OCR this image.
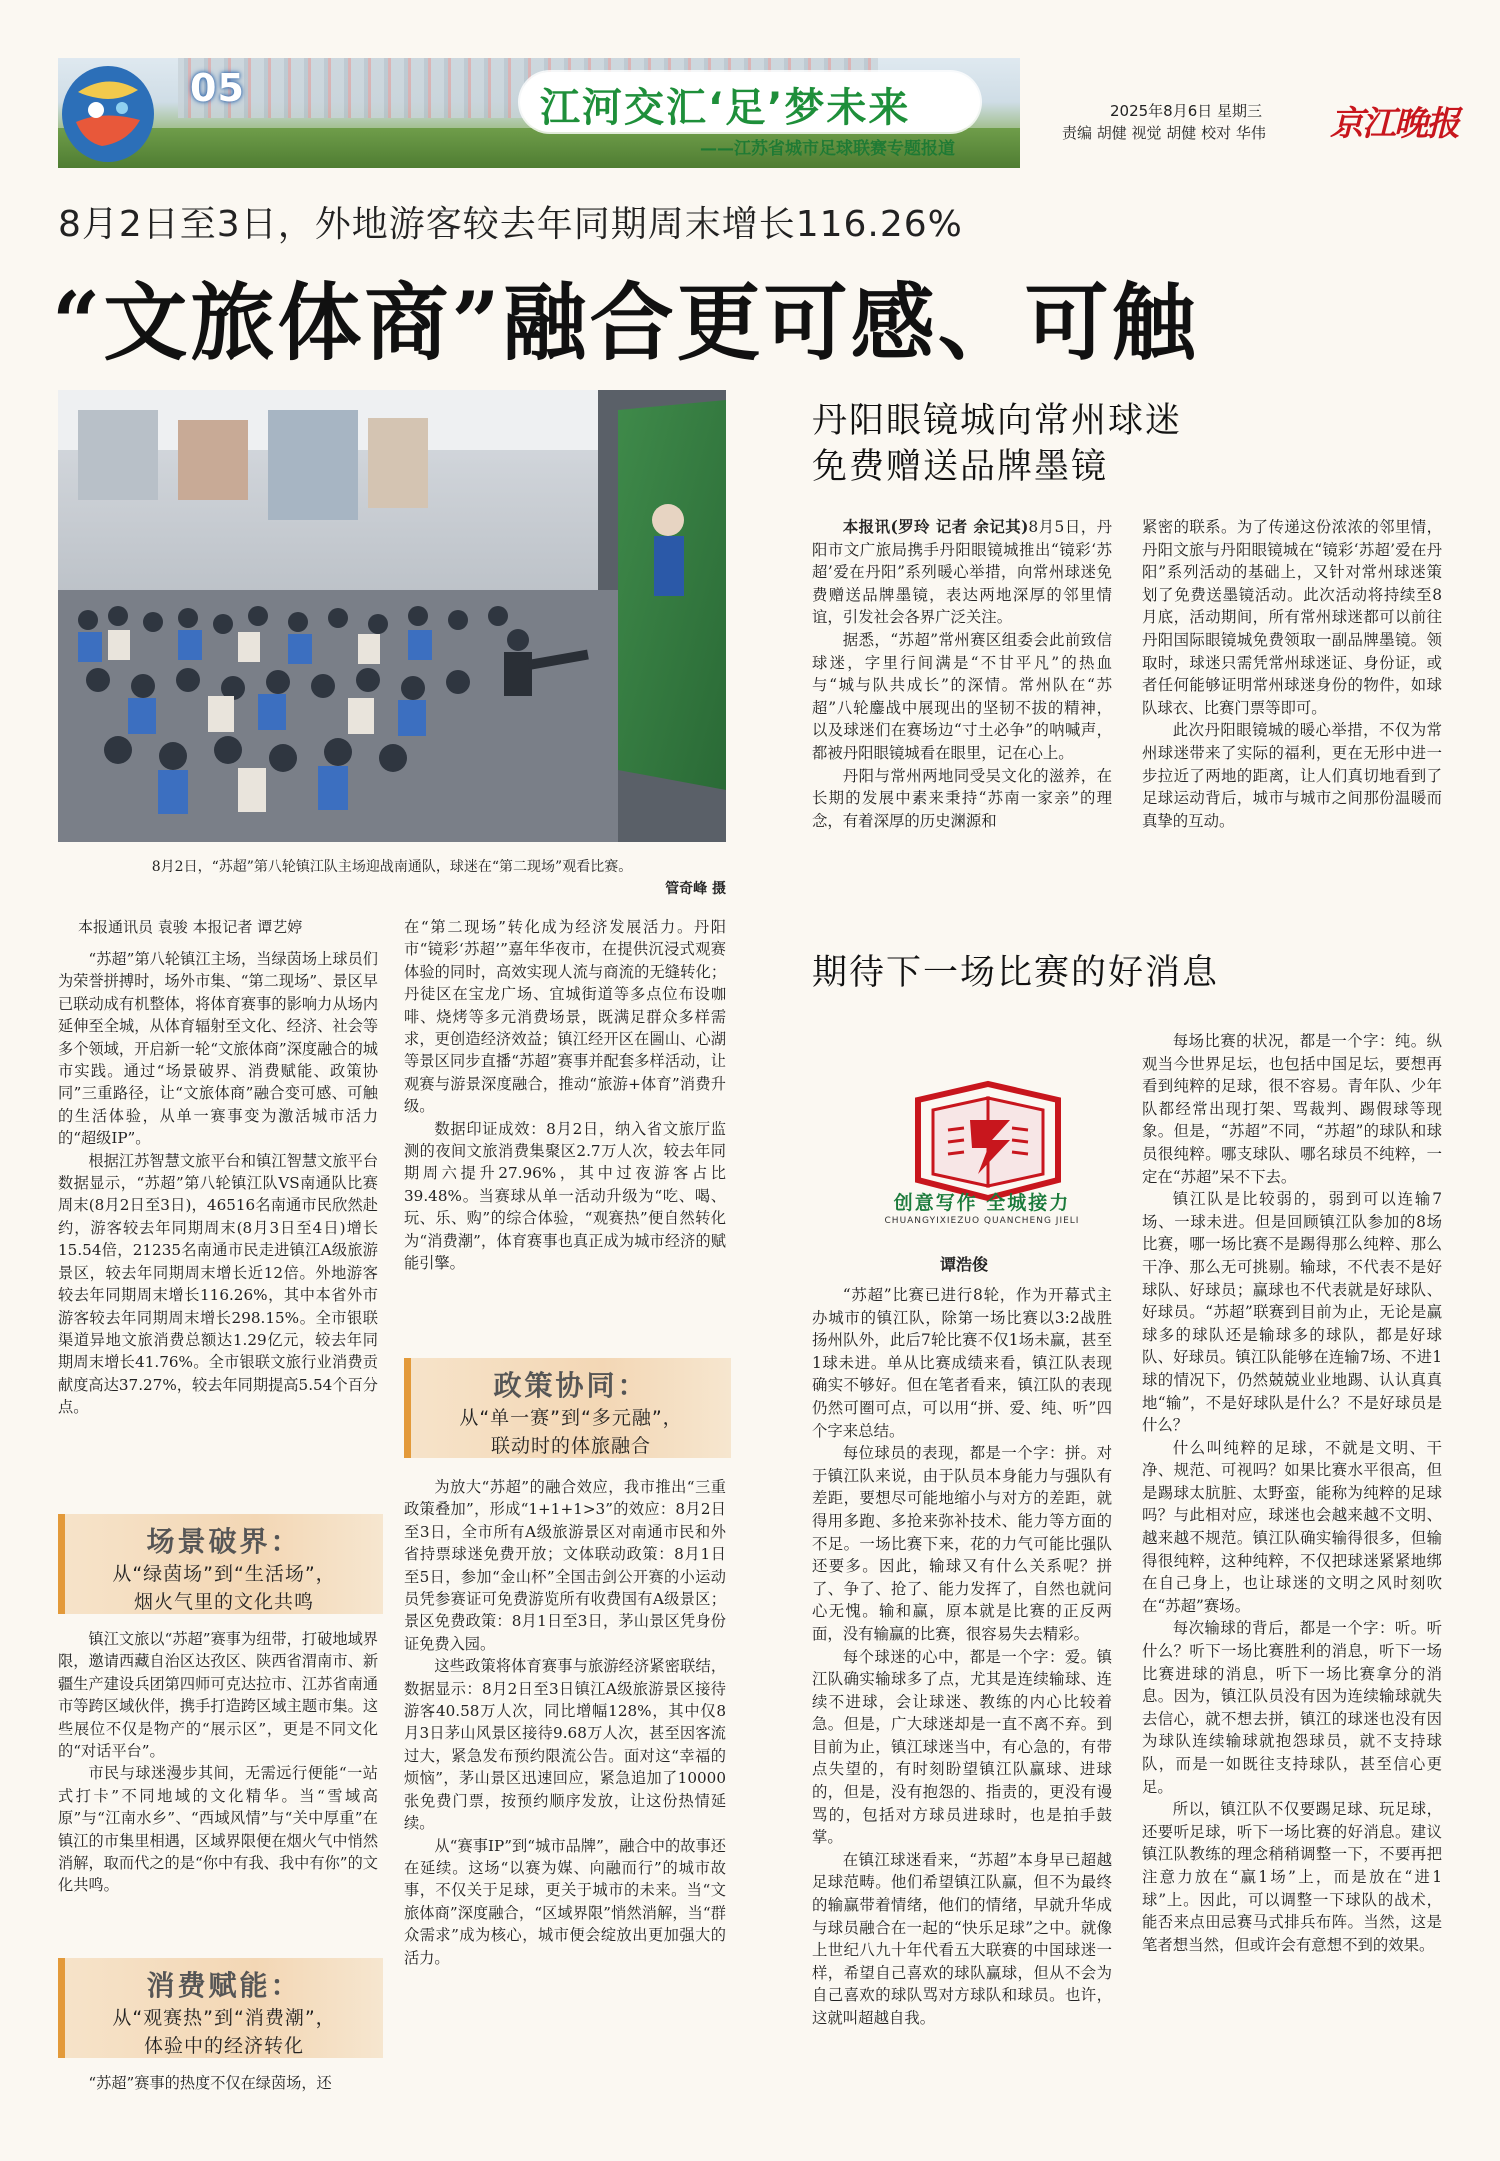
05	江河交汇‘足’梦未来
——江苏省城市足球联赛专题报道
2025年8月6日 星期三
责编 胡健 视觉 胡健 校对 华伟 京江晚报
8月2日至3日，外地游客较去年同期周末增长116.26%
“文旅体商”融合更可感、可触
8月2日，“苏超”第八轮镇江队主场迎战南通队，球迷在“第二现场”观看比赛。
管奇峰 摄
本报通讯员 袁骏 本报记者 谭艺婷

“苏超”第八轮镇江主场，当绿茵场上球员们为荣誉拼搏时，场外市集、“第二现场”、景区早已联动成有机整体，将体育赛事的影响力从场内延伸至全城，从体育辐射至文化、经济、社会等多个领域，开启新一轮“文旅体商”深度融合的城市实践。通过“场景破界、消费赋能、政策协同”三重路径，让“文旅体商”融合变可感、可触的生活体验，从单一赛事变为激活城市活力的“超级IP”。

根据江苏智慧文旅平台和镇江智慧文旅平台数据显示，“苏超”第八轮镇江队VS南通队比赛周末(8月2日至3日)，46516名南通市民欣然赴约，游客较去年同期周末(8月3日至4日)增长15.54倍，21235名南通市民走进镇江A级旅游景区，较去年同期周末增长近12倍。外地游客较去年同期周末增长116.26%，其中本省外市游客较去年同期周末增长298.15%。全市银联渠道异地文旅消费总额达1.29亿元，较去年同期周末增长41.76%。全市银联文旅行业消费贡献度高达37.27%，较去年同期提高5.54个百分点。

场景破界：
从“绿茵场”到“生活场”，
烟火气里的文化共鸣

镇江文旅以“苏超”赛事为纽带，打破地域界限，邀请西藏自治区达孜区、陕西省渭南市、新疆生产建设兵团第四师可克达拉市、江苏省南通市等跨区域伙伴，携手打造跨区域主题市集。这些展位不仅是物产的“展示区”，更是不同文化的“对话平台”。

市民与球迷漫步其间，无需远行便能“一站式打卡”不同地域的文化精华。当“雪域高原”与“江南水乡”、“西域风情”与“关中厚重”在镇江的市集里相遇，区域界限便在烟火气中悄然消解，取而代之的是“你中有我、我中有你”的文化共鸣。

消费赋能：
从“观赛热”到“消费潮”，
体验中的经济转化

“苏超”赛事的热度不仅在绿茵场，还

在“第二现场”转化成为经济发展活力。丹阳市“镜彩‘苏超’”嘉年华夜市，在提供沉浸式观赛体验的同时，高效实现人流与商流的无缝转化；丹徒区在宝龙广场、宜城街道等多点位布设咖啡、烧烤等多元消费场景，既满足群众多样需求，更创造经济效益；镇江经开区在圌山、心湖等景区同步直播“苏超”赛事并配套多样活动，让观赛与游景深度融合，推动“旅游+体育”消费升级。

数据印证成效：8月2日，纳入省文旅厅监测的夜间文旅消费集聚区2.7万人次，较去年同期周六提升27.96%，其中过夜游客占比39.48%。当赛球从单一活动升级为“吃、喝、玩、乐、购”的综合体验，“观赛热”便自然转化为“消费潮”，体育赛事也真正成为城市经济的赋能引擎。

政策协同：
从“单一赛”到“多元融”，
联动时的体旅融合

为放大“苏超”的融合效应，我市推出“三重政策叠加”，形成“1+1+1>3”的效应：8月2日至3日，全市所有A级旅游景区对南通市民和外省持票球迷免费开放；文体联动政策：8月1日至5日，参加“金山杯”全国击剑公开赛的小运动员凭参赛证可免费游览所有收费国有A级景区；景区免费政策：8月1日至3日，茅山景区凭身份证免费入园。

这些政策将体育赛事与旅游经济紧密联结，数据显示：8月2日至3日镇江A级旅游景区接待游客40.58万人次，同比增幅128%，其中仅8月3日茅山风景区接待9.68万人次，甚至因客流过大，紧急发布预约限流公告。面对这“幸福的烦恼”，茅山景区迅速回应，紧急追加了10000张免费门票，按预约顺序发放，让这份热情延续。

从“赛事IP”到“城市品牌”，融合中的故事还在延续。这场“以赛为媒、向融而行”的城市故事，不仅关于足球，更关于城市的未来。当“文旅体商”深度融合，“区域界限”悄然消解，当“群众需求”成为核心，城市便会绽放出更加强大的活力。

丹阳眼镜城向常州球迷
免费赠送品牌墨镜

本报讯(罗玲 记者 余记其)8月5日，丹阳市文广旅局携手丹阳眼镜城推出“镜彩‘苏超’爱在丹阳”系列暖心举措，向常州球迷免费赠送品牌墨镜，表达两地深厚的邻里情谊，引发社会各界广泛关注。

据悉，“苏超”常州赛区组委会此前致信球迷，字里行间满是“不甘平凡”的热血与“城与队共成长”的深情。常州队在“苏超”八轮鏖战中展现出的坚韧不拔的精神，以及球迷们在赛场边“寸土必争”的呐喊声，都被丹阳眼镜城看在眼里，记在心上。

丹阳与常州两地同受吴文化的滋养，在长期的发展中素来秉持“苏南一家亲”的理念，有着深厚的历史渊源和

紧密的联系。为了传递这份浓浓的邻里情，丹阳文旅与丹阳眼镜城在“镜彩‘苏超’爱在丹阳”系列活动的基础上，又针对常州球迷策划了免费送墨镜活动。此次活动将持续至8月底，活动期间，所有常州球迷都可以前往丹阳国际眼镜城免费领取一副品牌墨镜。领取时，球迷只需凭常州球迷证、身份证，或者任何能够证明常州球迷身份的物件，如球队球衣、比赛门票等即可。

此次丹阳眼镜城的暖心举措，不仅为常州球迷带来了实际的福利，更在无形中进一步拉近了两地的距离，让人们真切地看到了足球运动背后，城市与城市之间那份温暖而真挚的互动。

期待下一场比赛的好消息
创意写作 全城接力
CHUANGYIXIEZUO QUANCHENG JIELI
谭浩俊

“苏超”比赛已进行8轮，作为开幕式主办城市的镇江队，除第一场比赛以3:2战胜扬州队外，此后7轮比赛不仅1场未赢，甚至1球未进。单从比赛成绩来看，镇江队表现确实不够好。但在笔者看来，镇江队的表现仍然可圈可点，可以用“拼、爱、纯、听”四个字来总结。

每位球员的表现，都是一个字：拼。对于镇江队来说，由于队员本身能力与强队有差距，要想尽可能地缩小与对方的差距，就得用多跑、多抢来弥补技术、能力等方面的不足。一场比赛下来，花的力气可能比强队还要多。因此，输球又有什么关系呢？拼了、争了、抢了、能力发挥了，自然也就问心无愧。输和赢，原本就是比赛的正反两面，没有输赢的比赛，很容易失去精彩。

每个球迷的心中，都是一个字：爱。镇江队确实输球多了点，尤其是连续输球、连续不进球，会让球迷、教练的内心比较着急。但是，广大球迷却是一直不离不弃。到目前为止，镇江球迷当中，有心急的，有带点失望的，有时刻盼望镇江队赢球、进球的，但是，没有抱怨的、指责的，更没有谩骂的，包括对方球员进球时，也是拍手鼓掌。

在镇江球迷看来，“苏超”本身早已超越足球范畴。他们希望镇江队赢，但不为最终的输赢带着情绪，他们的情绪，早就升华成与球员融合在一起的“快乐足球”之中。就像上世纪八九十年代看五大联赛的中国球迷一样，希望自己喜欢的球队赢球，但从不会为自己喜欢的球队骂对方球队和球员。也许，这就叫超越自我。

每场比赛的状况，都是一个字：纯。纵观当今世界足坛，也包括中国足坛，要想再看到纯粹的足球，很不容易。青年队、少年队都经常出现打架、骂裁判、踢假球等现象。但是，“苏超”不同，“苏超”的球队和球员很纯粹。哪支球队、哪名球员不纯粹，一定在“苏超”呆不下去。

镇江队是比较弱的，弱到可以连输7场、一球未进。但是回顾镇江队参加的8场比赛，哪一场比赛不是踢得那么纯粹、那么干净、那么无可挑剔。输球，不代表不是好球队、好球员；赢球也不代表就是好球队、好球员。“苏超”联赛到目前为止，无论是赢球多的球队还是输球多的球队，都是好球队、好球员。镇江队能够在连输7场、不进1球的情况下，仍然兢兢业业地踢、认认真真地“输”，不是好球队是什么？不是好球员是什么？

什么叫纯粹的足球，不就是文明、干净、规范、可视吗？如果比赛水平很高，但是踢球太肮脏、太野蛮，能称为纯粹的足球吗？与此相对应，球迷也会越来越不文明、越来越不规范。镇江队确实输得很多，但输得很纯粹，这种纯粹，不仅把球迷紧紧地绑在自己身上，也让球迷的文明之风时刻吹在“苏超”赛场。

每次输球的背后，都是一个字：听。听什么？听下一场比赛胜利的消息，听下一场比赛进球的消息，听下一场比赛拿分的消息。因为，镇江队员没有因为连续输球就失去信心，就不想去拼，镇江的球迷也没有因为球队连续输球就抱怨球员，就不支持球队，而是一如既往支持球队，甚至信心更足。

所以，镇江队不仅要踢足球、玩足球，还要听足球，听下一场比赛的好消息。建议镇江队教练的理念稍稍调整一下，不要再把注意力放在“赢1场”上，而是放在“进1球”上。因此，可以调整一下球队的战术，能否来点田忌赛马式排兵布阵。当然，这是笔者想当然，但或许会有意想不到的效果。
